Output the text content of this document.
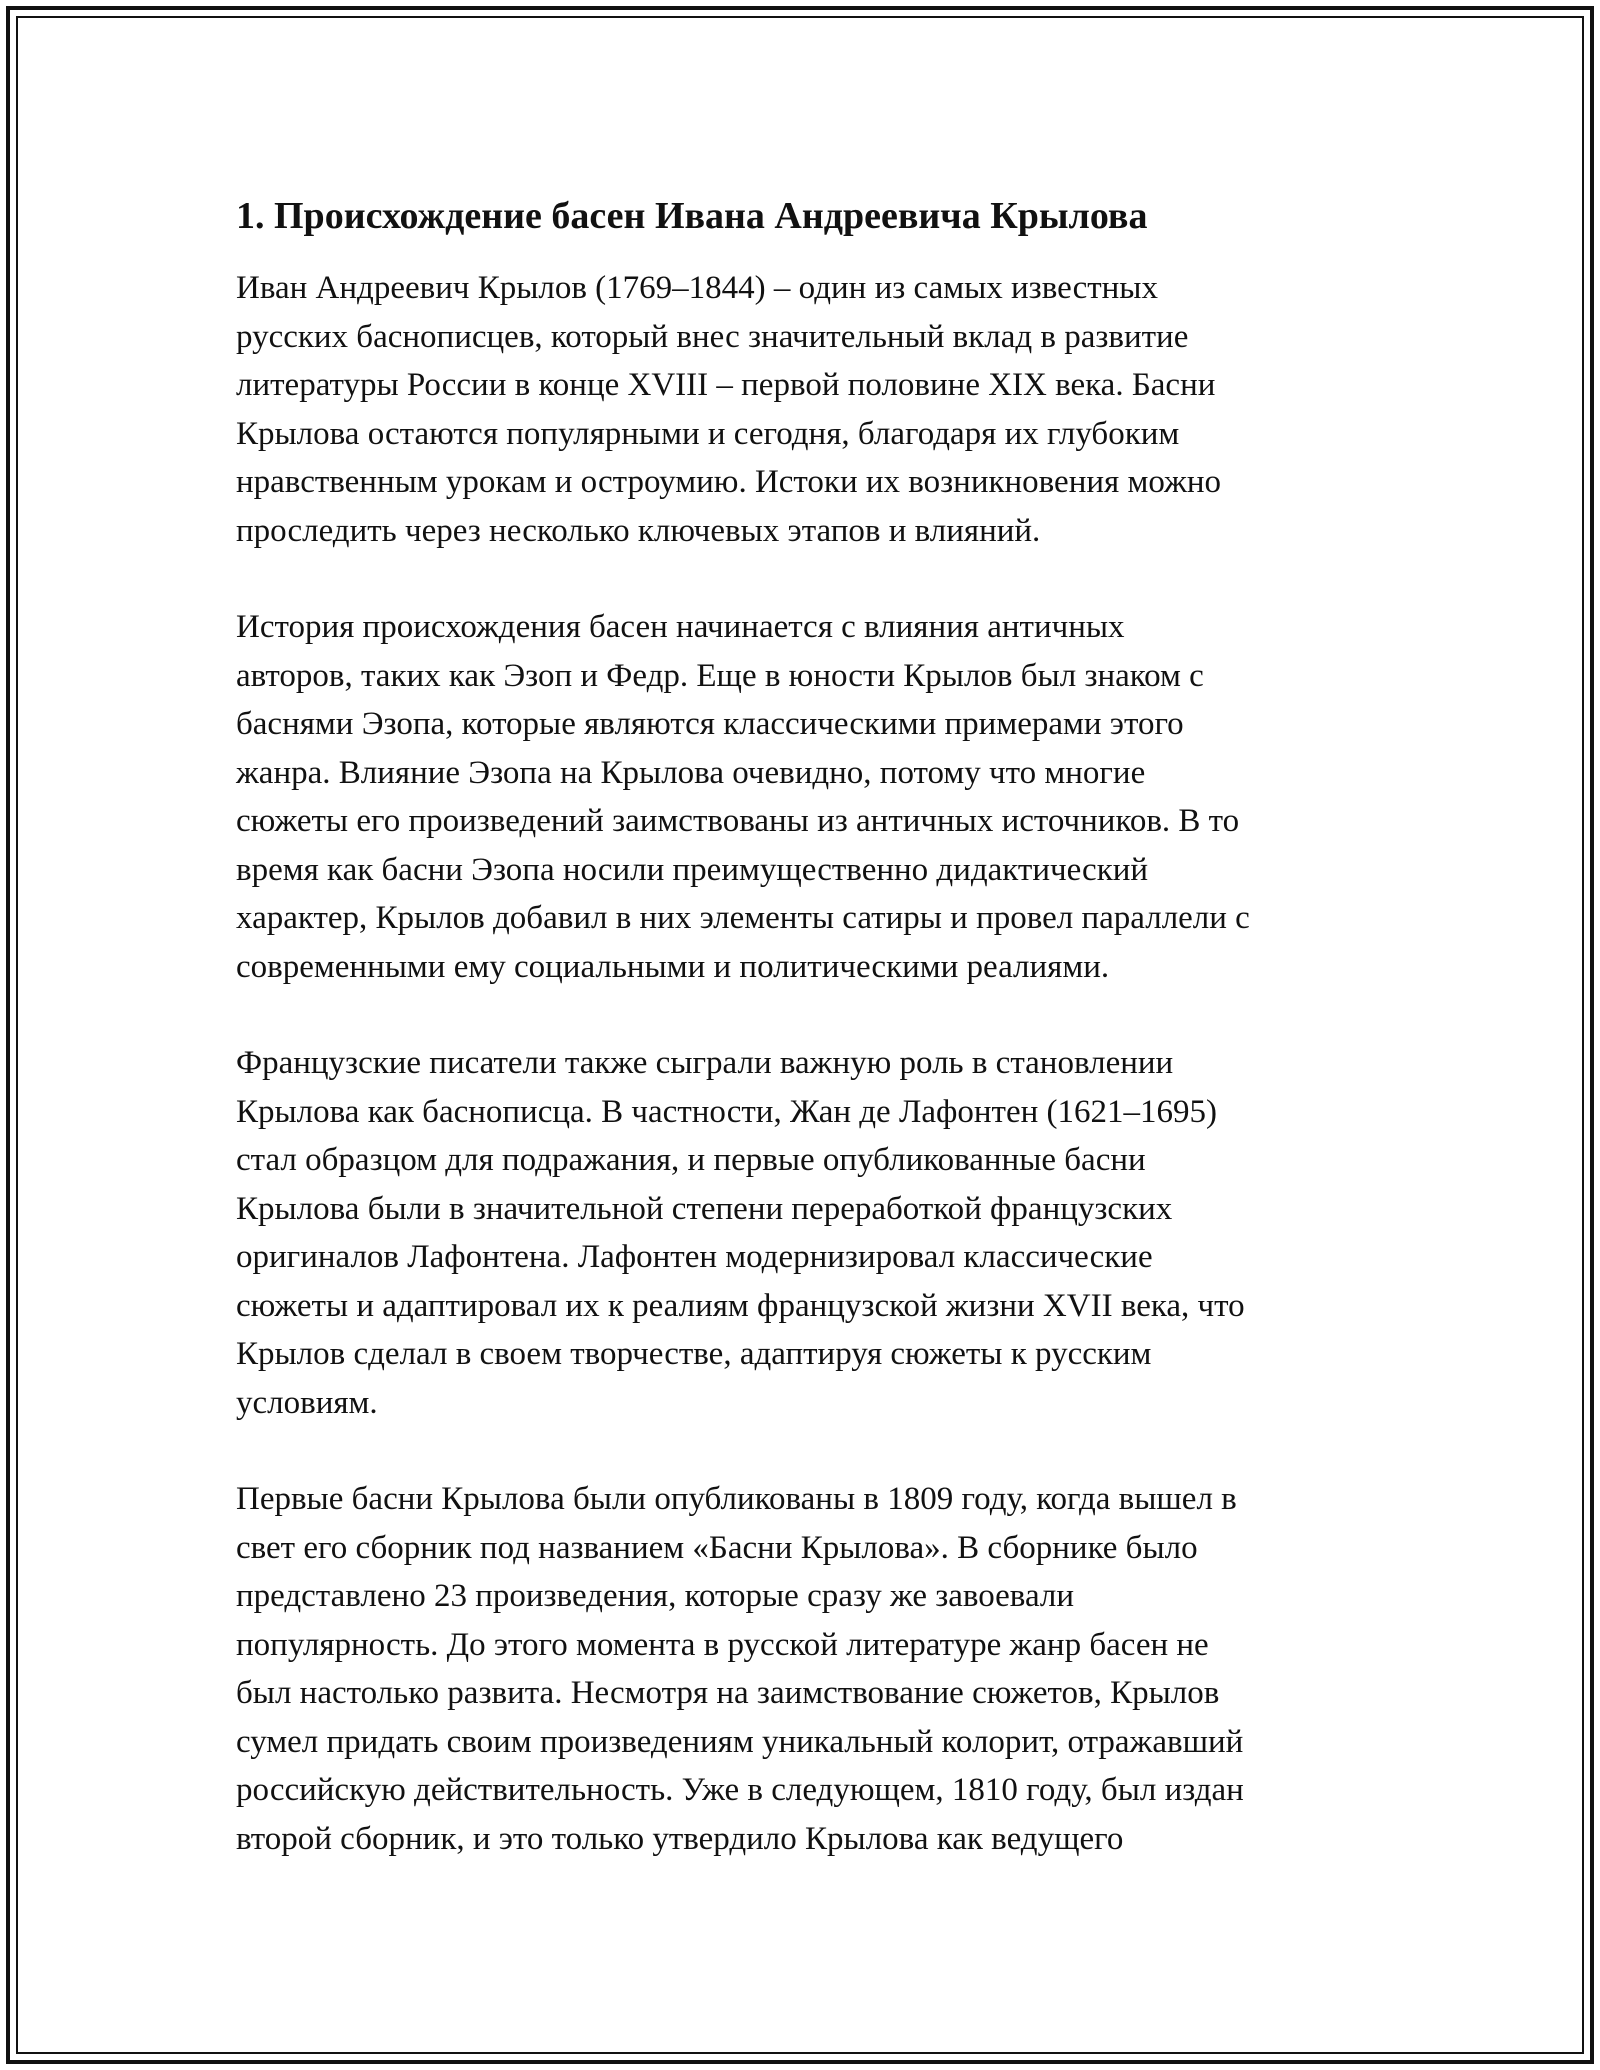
1. Происхождение басен Ивана Андреевича Крылова

Иван Андреевич Крылов (1769–1844) – один из самых известных
русских баснописцев, который внес значительный вклад в развитие
литературы России в конце XVIII – первой половине XIX века. Басни
Крылова остаются популярными и сегодня, благодаря их глубоким
нравственным урокам и остроумию. Истоки их возникновения можно
проследить через несколько ключевых этапов и влияний.

История происхождения басен начинается с влияния античных
авторов, таких как Эзоп и Федр. Еще в юности Крылов был знаком с
баснями Эзопа, которые являются классическими примерами этого
жанра. Влияние Эзопа на Крылова очевидно, потому что многие
сюжеты его произведений заимствованы из античных источников. В то
время как басни Эзопа носили преимущественно дидактический
характер, Крылов добавил в них элементы сатиры и провел параллели с
современными ему социальными и политическими реалиями.

Французские писатели также сыграли важную роль в становлении
Крылова как баснописца. В частности, Жан де Лафонтен (1621–1695)
стал образцом для подражания, и первые опубликованные басни
Крылова были в значительной степени переработкой французских
оригиналов Лафонтена. Лафонтен модернизировал классические
сюжеты и адаптировал их к реалиям французской жизни XVII века, что
Крылов сделал в своем творчестве, адаптируя сюжеты к русским
условиям.

Первые басни Крылова были опубликованы в 1809 году, когда вышел в
свет его сборник под названием «Басни Крылова». В сборнике было
представлено 23 произведения, которые сразу же завоевали
популярность. До этого момента в русской литературе жанр басен не
был настолько развита. Несмотря на заимствование сюжетов, Крылов
сумел придать своим произведениям уникальный колорит, отражавший
российскую действительность. Уже в следующем, 1810 году, был издан
второй сборник, и это только утвердило Крылова как ведущего
